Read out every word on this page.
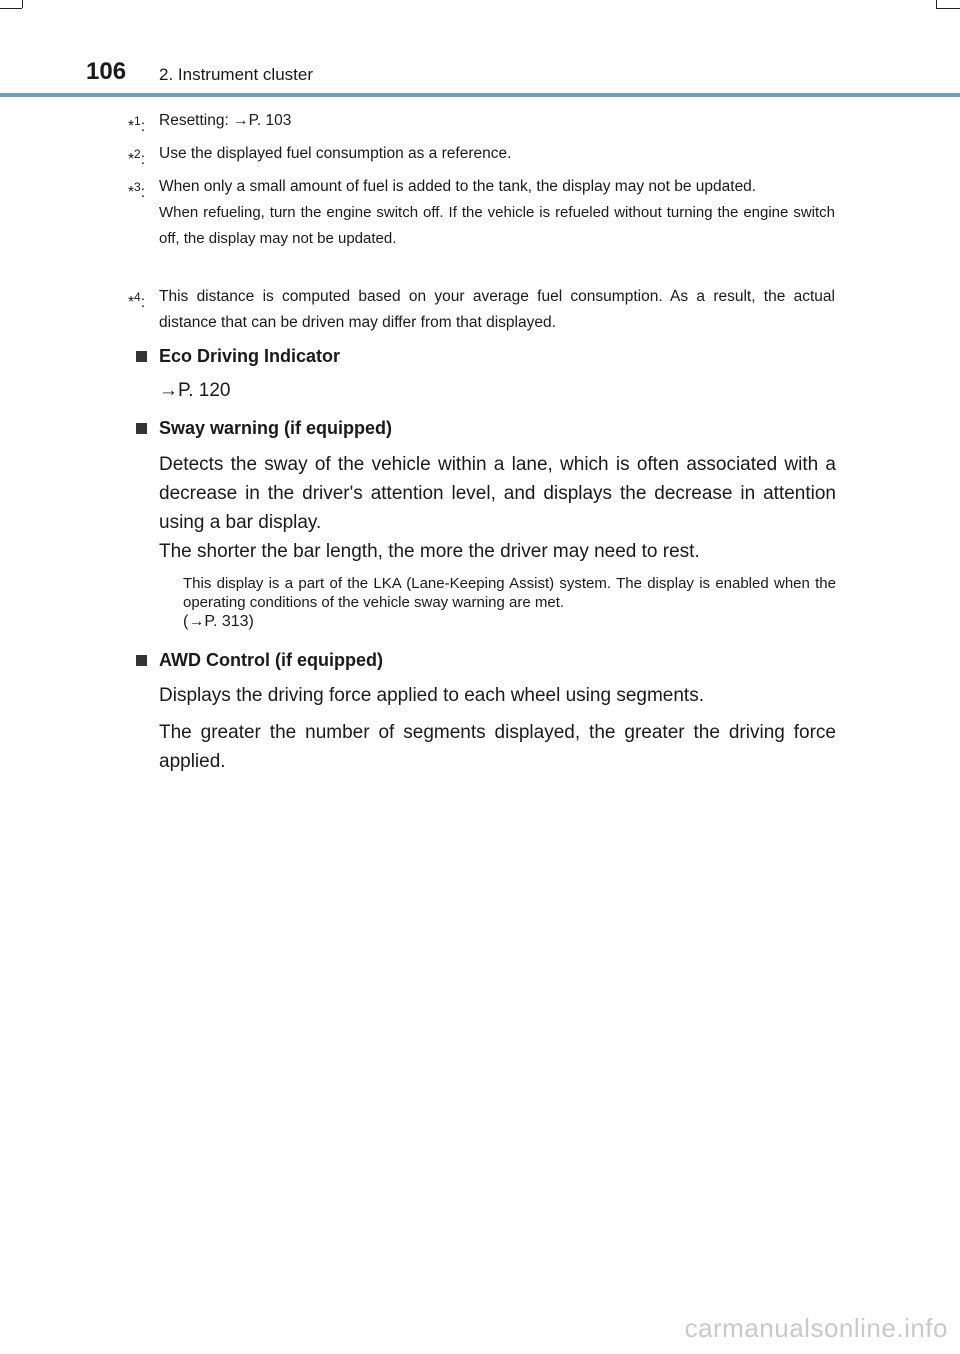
106 2. Instrument cluster
*$^1$: Resetting: →P. 103

*$^2$: Use the displayed fuel consumption as a reference.

*$^3$: When only a small amount of fuel is added to the tank, the display may not be updated.

When refueling, turn the engine switch off. If the vehicle is refueled without turning the engine switch off, the display may not be updated.

*$^4$: This distance is computed based on your average fuel consumption. As a result, the actual distance that can be driven may differ from that displayed.

Eco Driving Indicator

→P. 120

Sway warning (if equipped)

Detects the sway of the vehicle within a lane, which is often associated with a decrease in the driver's attention level, and displays the decrease in attention using a bar display.

The shorter the bar length, the more the driver may need to rest.

This display is a part of the LKA (Lane-Keeping Assist) system. The display is enabled when the operating conditions of the vehicle sway warning are met.

(→P. 313)

AWD Control (if equipped)

Displays the driving force applied to each wheel using segments.

The greater the number of segments displayed, the greater the driving force applied.

carmanualsonline.info
